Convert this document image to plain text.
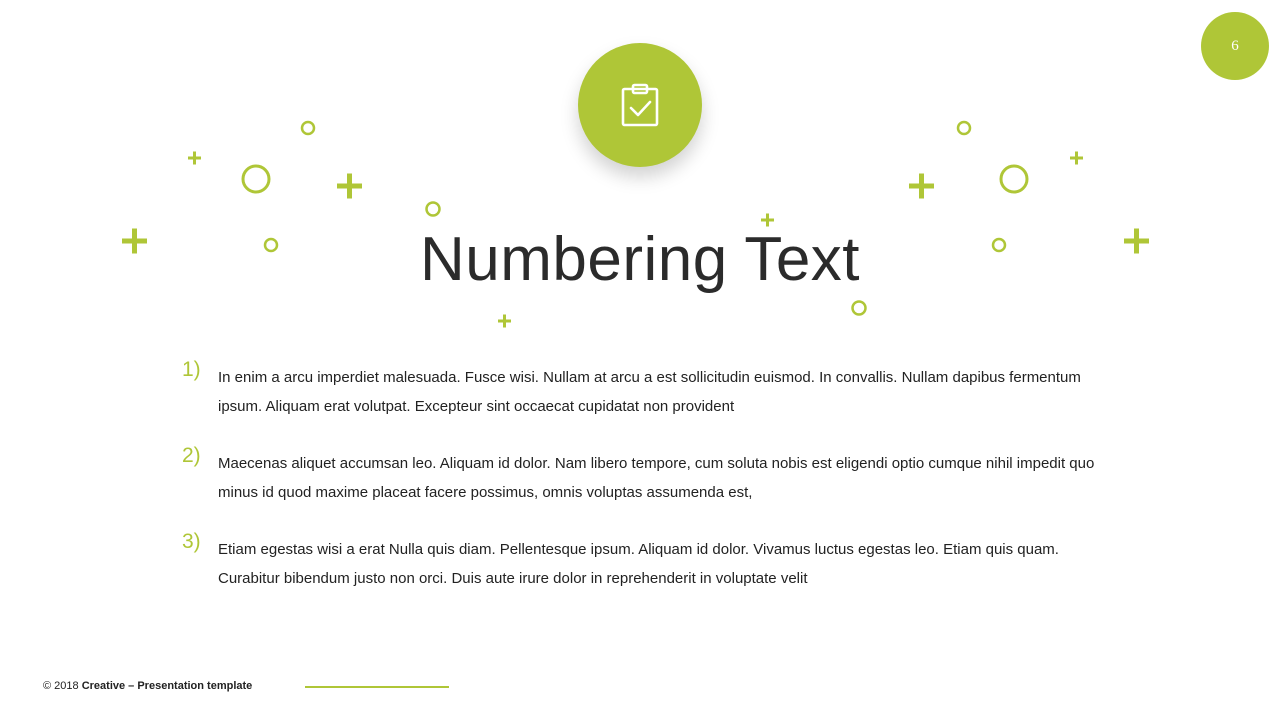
6
Numbering Text
1) In enim a arcu imperdiet malesuada. Fusce wisi. Nullam at arcu a est sollicitudin euismod. In convallis. Nullam dapibus fermentum ipsum. Aliquam erat volutpat. Excepteur sint occaecat cupidatat non provident
2) Maecenas aliquet accumsan leo. Aliquam id dolor. Nam libero tempore, cum soluta nobis est eligendi optio cumque nihil impedit quo minus id quod maxime placeat facere possimus, omnis voluptas assumenda est,
3) Etiam egestas wisi a erat Nulla quis diam. Pellentesque ipsum. Aliquam id dolor. Vivamus luctus egestas leo. Etiam quis quam. Curabitur bibendum justo non orci. Duis aute irure dolor in reprehenderit in voluptate velit
© 2018 Creative – Presentation template
